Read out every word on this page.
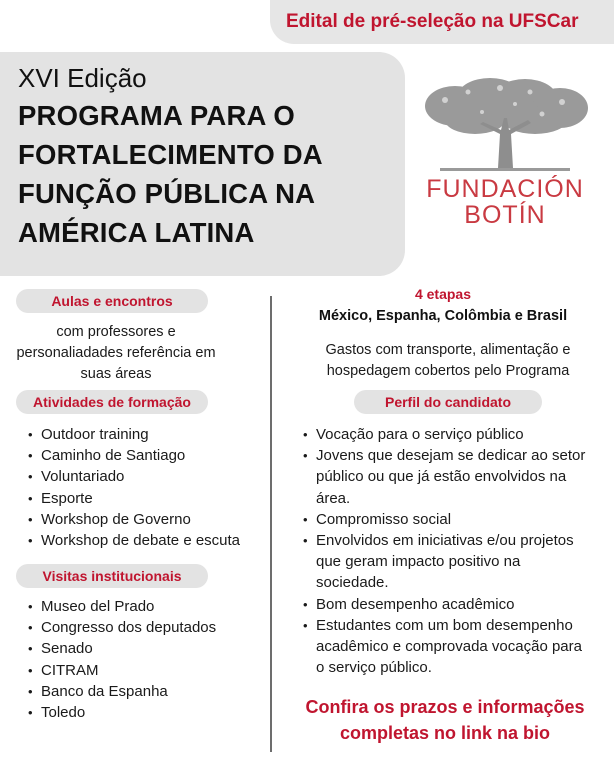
Edital de pré-seleção na UFSCar
XVI Edição
PROGRAMA PARA O
FORTALECIMENTO DA
FUNÇÃO PÚBLICA NA
AMÉRICA LATINA
FUNDACIÓN
BOTÍN
Aulas e encontros
com professores e
personaliadades referência em
suas áreas
Atividades de formação
• Outdoor training
• Caminho de Santiago
• Voluntariado
• Esporte
• Workshop de Governo
• Workshop de debate e escuta
Visitas institucionais
• Museo del Prado
• Congresso dos deputados
• Senado
• CITRAM
• Banco da Espanha
• Toledo
4 etapas
México, Espanha, Colômbia e Brasil
Gastos com transporte, alimentação e
hospedagem cobertos pelo Programa
Perfil do candidato
• Vocação para o serviço público
• Jovens que desejam se dedicar ao setor
público ou que já estão envolvidos na
área.
• Compromisso social
• Envolvidos em iniciativas e/ou projetos
que geram impacto positivo na
sociedade.
• Bom desempenho acadêmico
• Estudantes com um bom desempenho
acadêmico e comprovada vocação para
o serviço público.
Confira os prazos e informações
completas no link na bio
